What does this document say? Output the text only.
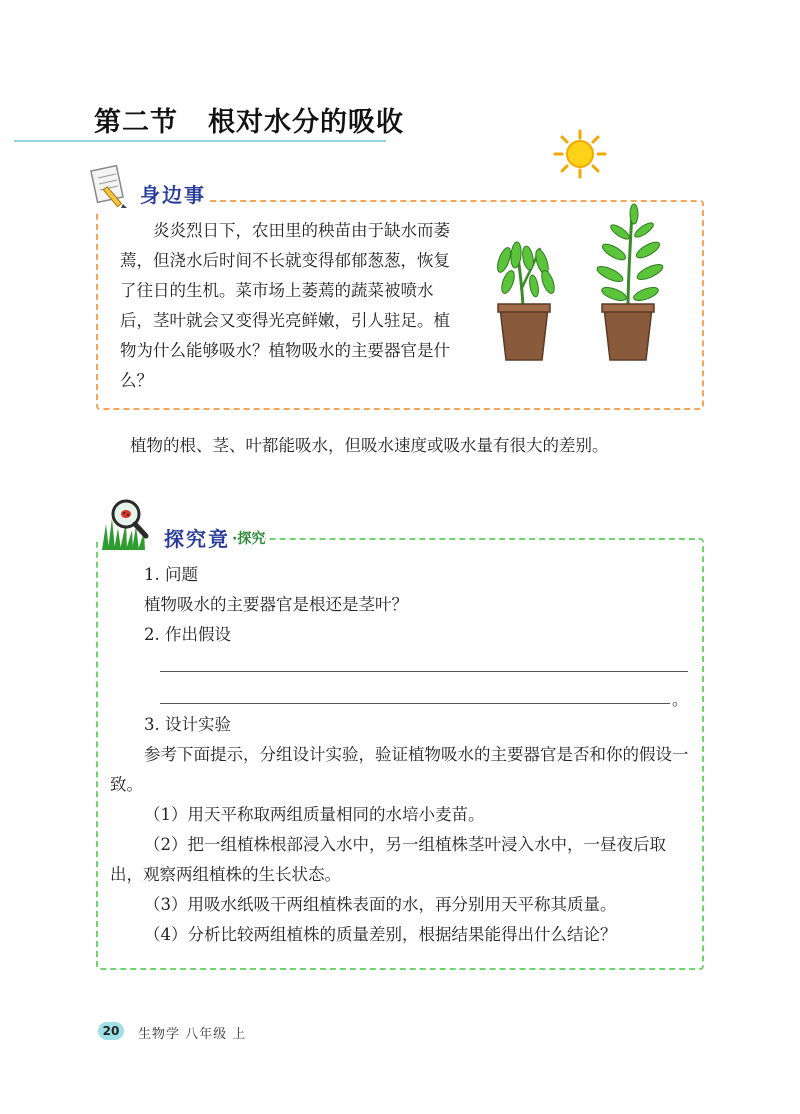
第二节 根对水分的吸收
身边事

炎炎烈日下，农田里的秧苗由于缺水而萎蔫，但浇水后时间不长就变得郁郁葱葱，恢复了往日的生机。菜市场上萎蔫的蔬菜被喷水后，茎叶就会又变得光亮鲜嫩，引人驻足。植物为什么能够吸水？植物吸水的主要器官是什么？

植物的根、茎、叶都能吸水，但吸水速度或吸水量有很大的差别。
探究竟 ·探究

1. 问题

植物吸水的主要器官是根还是茎叶？

2. 作出假设

3. 设计实验

参考下面提示，分组设计实验，验证植物吸水的主要器官是否和你的假设一致。

（1）用天平称取两组质量相同的水培小麦苗。

（2）把一组植株根部浸入水中，另一组植株茎叶浸入水中，一昼夜后取出，观察两组植株的生长状态。

（3）用吸水纸吸干两组植株表面的水，再分别用天平称其质量。

（4）分析比较两组植株的质量差别，根据结果能得出什么结论？

。
20	生物学 八年级 上
